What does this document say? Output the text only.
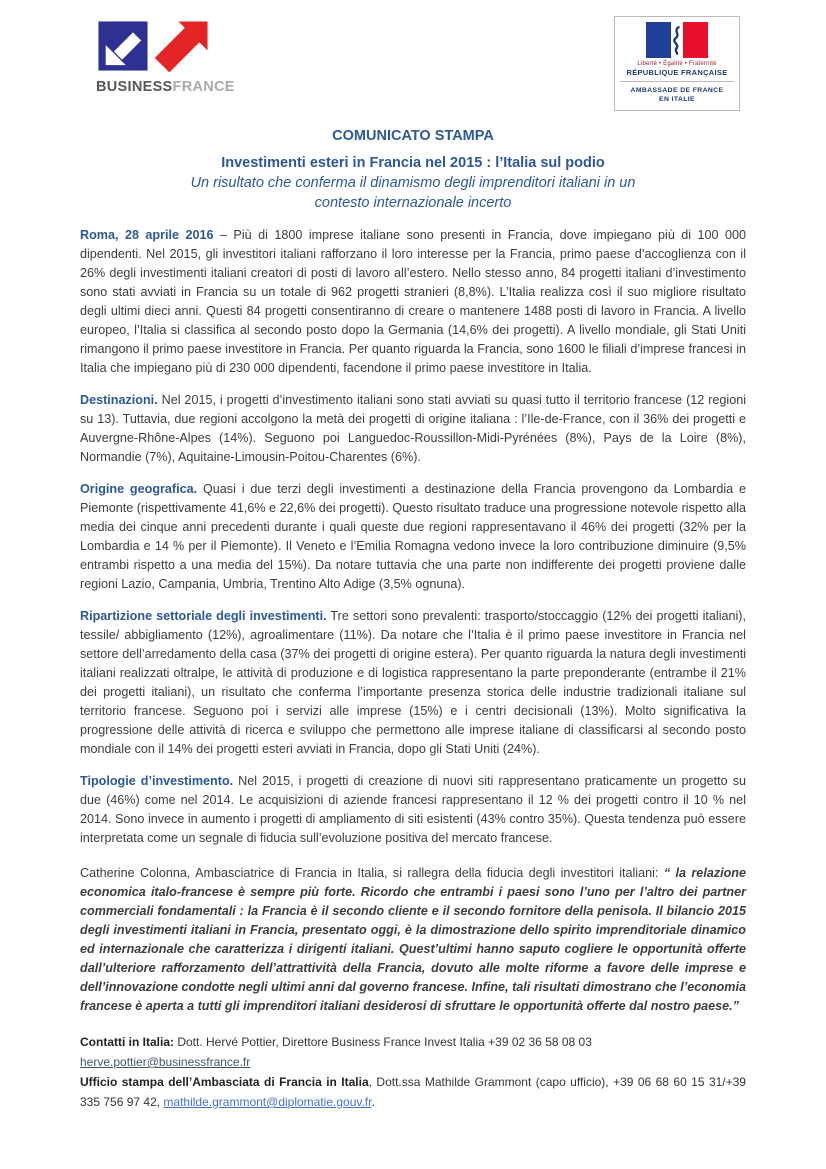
BUSINESSFRANCE
Liberté • Égalité • Fraternité
RÉPUBLIQUE FRANÇAISE
AMBASSADE DE FRANCE
EN ITALIE
COMUNICATO STAMPA
Investimenti esteri in Francia nel 2015 : l’Italia sul podio
Un risultato che conferma il dinamismo degli imprenditori italiani in un contesto internazionale incerto

Roma, 28 aprile 2016 – Più di 1800 imprese italiane sono presenti in Francia, dove impiegano più di 100 000 dipendenti. Nel 2015, gli investitori italiani rafforzano il loro interesse per la Francia, primo paese d’accoglienza con il 26% degli investimenti italiani creatori di posti di lavoro all’estero. Nello stesso anno, 84 progetti italiani d’investimento sono stati avviati in Francia su un totale di 962 progetti stranieri (8,8%). L’Italia realizza così il suo migliore risultato degli ultimi dieci anni. Questi 84 progetti consentiranno di creare o mantenere 1488 posti di lavoro in Francia. A livello europeo, l’Italia si classifica al secondo posto dopo la Germania (14,6% dei progetti). A livello mondiale, gli Stati Uniti rimangono il primo paese investitore in Francia. Per quanto riguarda la Francia, sono 1600 le filiali d’imprese francesi in Italia che impiegano più di 230 000 dipendenti, facendone il primo paese investitore in Italia.

Destinazioni. Nel 2015, i progetti d’investimento italiani sono stati avviati su quasi tutto il territorio francese (12 regioni su 13). Tuttavia, due regioni accolgono la metà dei progetti di origine italiana : l’Ile-de-France, con il 36% dei progetti e Auvergne-Rhône-Alpes (14%). Seguono poi Languedoc-Roussillon-Midi-Pyrénées (8%), Pays de la Loire (8%), Normandie (7%), Aquitaine-Limousin-Poitou-Charentes (6%).

Origine geografica. Quasi i due terzi degli investimenti a destinazione della Francia provengono da Lombardia e Piemonte (rispettivamente 41,6% e 22,6% dei progetti). Questo risultato traduce una progressione notevole rispetto alla media dei cinque anni precedenti durante i quali queste due regioni rappresentavano il 46% dei progetti (32% per la Lombardia e 14 % per il Piemonte). Il Veneto e l’Emilia Romagna vedono invece la loro contribuzione diminuire (9,5% entrambi rispetto a una media del 15%). Da notare tuttavia che una parte non indifferente dei progetti proviene dalle regioni Lazio, Campania, Umbria, Trentino Alto Adige (3,5% ognuna).

Ripartizione settoriale degli investimenti. Tre settori sono prevalenti: trasporto/stoccaggio (12% dei progetti italiani), tessile/ abbigliamento (12%), agroalimentare (11%). Da notare che l’Italia è il primo paese investitore in Francia nel settore dell’arredamento della casa (37% dei progetti di origine estera). Per quanto riguarda la natura degli investimenti italiani realizzati oltralpe, le attività di produzione e di logistica rappresentano la parte preponderante (entrambe il 21% dei progetti italiani), un risultato che conferma l’importante presenza storica delle industrie tradizionali italiane sul territorio francese. Seguono poi i servizi alle imprese (15%) e i centri decisionali (13%). Molto significativa la progressione delle attività di ricerca e sviluppo che permettono alle imprese italiane di classificarsi al secondo posto mondiale con il 14% dei progetti esteri avviati in Francia, dopo gli Stati Uniti (24%).

Tipologie d’investimento. Nel 2015, i progetti di creazione di nuovi siti rappresentano praticamente un progetto su due (46%) come nel 2014. Le acquisizioni di aziende francesi rappresentano il 12 % dei progetti contro il 10 % nel 2014. Sono invece in aumento i progetti di ampliamento di siti esistenti (43% contro 35%). Questa tendenza può essere interpretata come un segnale di fiducia sull’evoluzione positiva del mercato francese.

Catherine Colonna, Ambasciatrice di Francia in Italia, si rallegra della fiducia degli investitori italiani: “ la relazione economica italo-francese è sempre più forte. Ricordo che entrambi i paesi sono l’uno per l’altro dei partner commerciali fondamentali : la Francia è il secondo cliente e il secondo fornitore della penisola. Il bilancio 2015 degli investimenti italiani in Francia, presentato oggi, è la dimostrazione dello spirito imprenditoriale dinamico ed internazionale che caratterizza i dirigenti italiani. Quest’ultimi hanno saputo cogliere le opportunità offerte dall’ulteriore rafforzamento dell’attrattività della Francia, dovuto alle molte riforme a favore delle imprese e dell’innovazione condotte negli ultimi anni dal governo francese. Infine, tali risultati dimostrano che l’economia francese è aperta a tutti gli imprenditori italiani desiderosi di sfruttare le opportunità offerte dal nostro paese.”

Contatti in Italia: Dott. Hervé Pottier, Direttore Business France Invest Italia +39 02 36 58 08 03

herve.pottier@businessfrance.fr

Ufficio stampa dell’Ambasciata di Francia in Italia, Dott.ssa Mathilde Grammont (capo ufficio), +39 06 68 60 15 31/+39 335 756 97 42, mathilde.grammont@diplomatie.gouv.fr.
